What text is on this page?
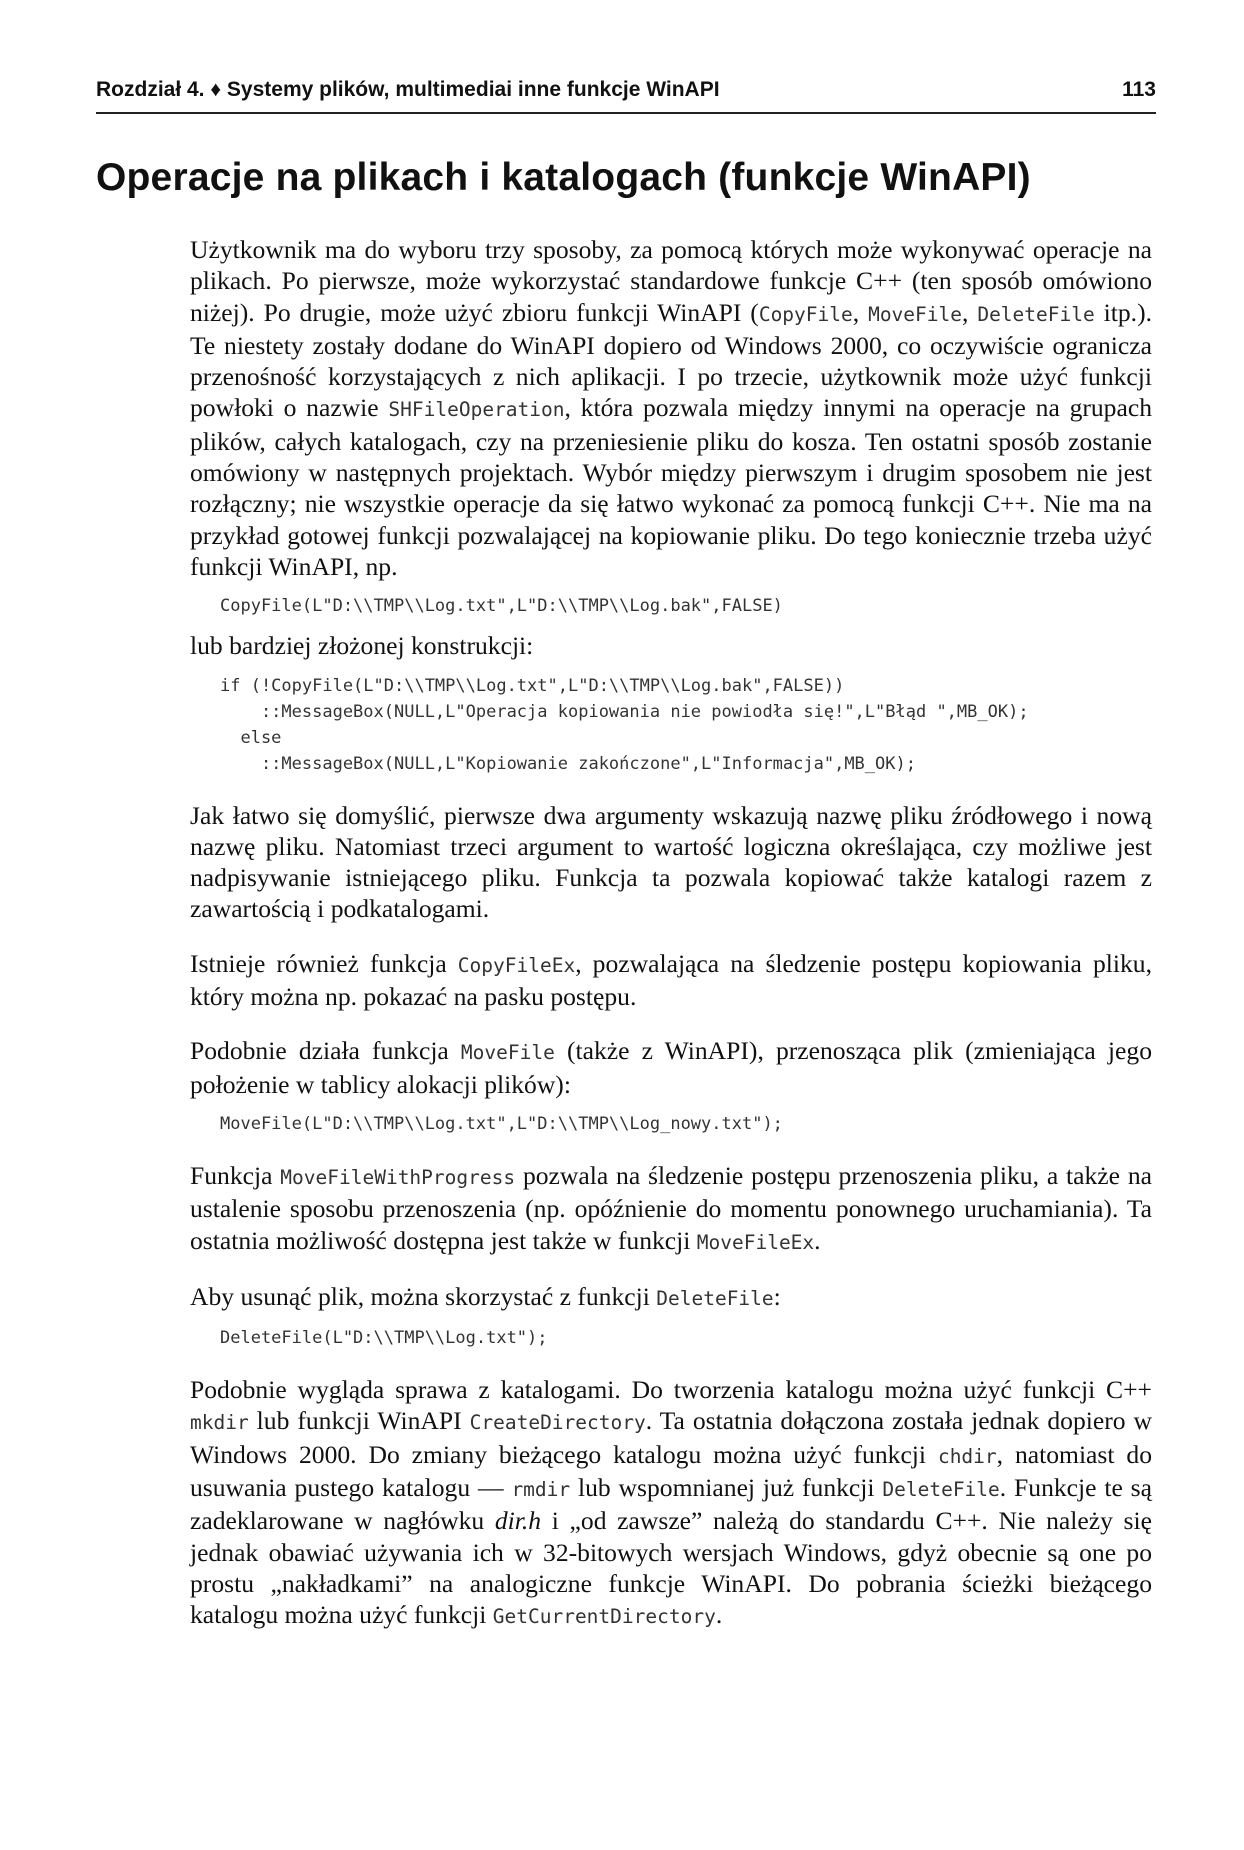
Rozdział 4. ♦ Systemy plików, multimediai inne funkcje WinAPI	113
Operacje na plikach i katalogach (funkcje WinAPI)

Użytkownik ma do wyboru trzy sposoby, za pomocą których może wykonywać operacje na plikach. Po pierwsze, może wykorzystać standardowe funkcje C++ (ten sposób omówiono niżej). Po drugie, może użyć zbioru funkcji WinAPI (CopyFile, MoveFile, DeleteFile itp.). Te niestety zostały dodane do WinAPI dopiero od Windows 2000, co oczywiście ogranicza przenośność korzystających z nich aplikacji. I po trzecie, użytkownik może użyć funkcji powłoki o nazwie SHFileOperation, która pozwala między innymi na operacje na grupach plików, całych katalogach, czy na przeniesienie pliku do kosza. Ten ostatni sposób zostanie omówiony w następnych projektach. Wybór między pierwszym i drugim sposobem nie jest rozłączny; nie wszystkie operacje da się łatwo wykonać za pomocą funkcji C++. Nie ma na przykład gotowej funkcji pozwalającej na kopiowanie pliku. Do tego koniecznie trzeba użyć funkcji WinAPI, np.

CopyFile(L"D:\\TMP\\Log.txt",L"D:\\TMP\\Log.bak",FALSE)

lub bardziej złożonej konstrukcji:

if (!CopyFile(L"D:\\TMP\\Log.txt",L"D:\\TMP\\Log.bak",FALSE))
::MessageBox(NULL,L"Operacja kopiowania nie powiodła się!",L"Błąd ",MB_OK);
else
::MessageBox(NULL,L"Kopiowanie zakończone",L"Informacja",MB_OK);

Jak łatwo się domyślić, pierwsze dwa argumenty wskazują nazwę pliku źródłowego i nową nazwę pliku. Natomiast trzeci argument to wartość logiczna określająca, czy możliwe jest nadpisywanie istniejącego pliku. Funkcja ta pozwala kopiować także katalogi razem z zawartością i podkatalogami.

Istnieje również funkcja CopyFileEx, pozwalająca na śledzenie postępu kopiowania pliku, który można np. pokazać na pasku postępu.

Podobnie działa funkcja MoveFile (także z WinAPI), przenosząca plik (zmieniająca jego położenie w tablicy alokacji plików):

MoveFile(L"D:\\TMP\\Log.txt",L"D:\\TMP\\Log_nowy.txt");

Funkcja MoveFileWithProgress pozwala na śledzenie postępu przenoszenia pliku, a także na ustalenie sposobu przenoszenia (np. opóźnienie do momentu ponownego uruchamiania). Ta ostatnia możliwość dostępna jest także w funkcji MoveFileEx.

Aby usunąć plik, można skorzystać z funkcji DeleteFile:

DeleteFile(L"D:\\TMP\\Log.txt");

Podobnie wygląda sprawa z katalogami. Do tworzenia katalogu można użyć funkcji C++ mkdir lub funkcji WinAPI CreateDirectory. Ta ostatnia dołączona została jednak dopiero w Windows 2000. Do zmiany bieżącego katalogu można użyć funkcji chdir, natomiast do usuwania pustego katalogu — rmdir lub wspomnianej już funkcji DeleteFile. Funkcje te są zadeklarowane w nagłówku dir.h i „od zawsze” należą do standardu C++. Nie należy się jednak obawiać używania ich w 32-bitowych wersjach Windows, gdyż obecnie są one po prostu „nakładkami” na analogiczne funkcje WinAPI. Do pobrania ścieżki bieżącego katalogu można użyć funkcji GetCurrentDirectory.
